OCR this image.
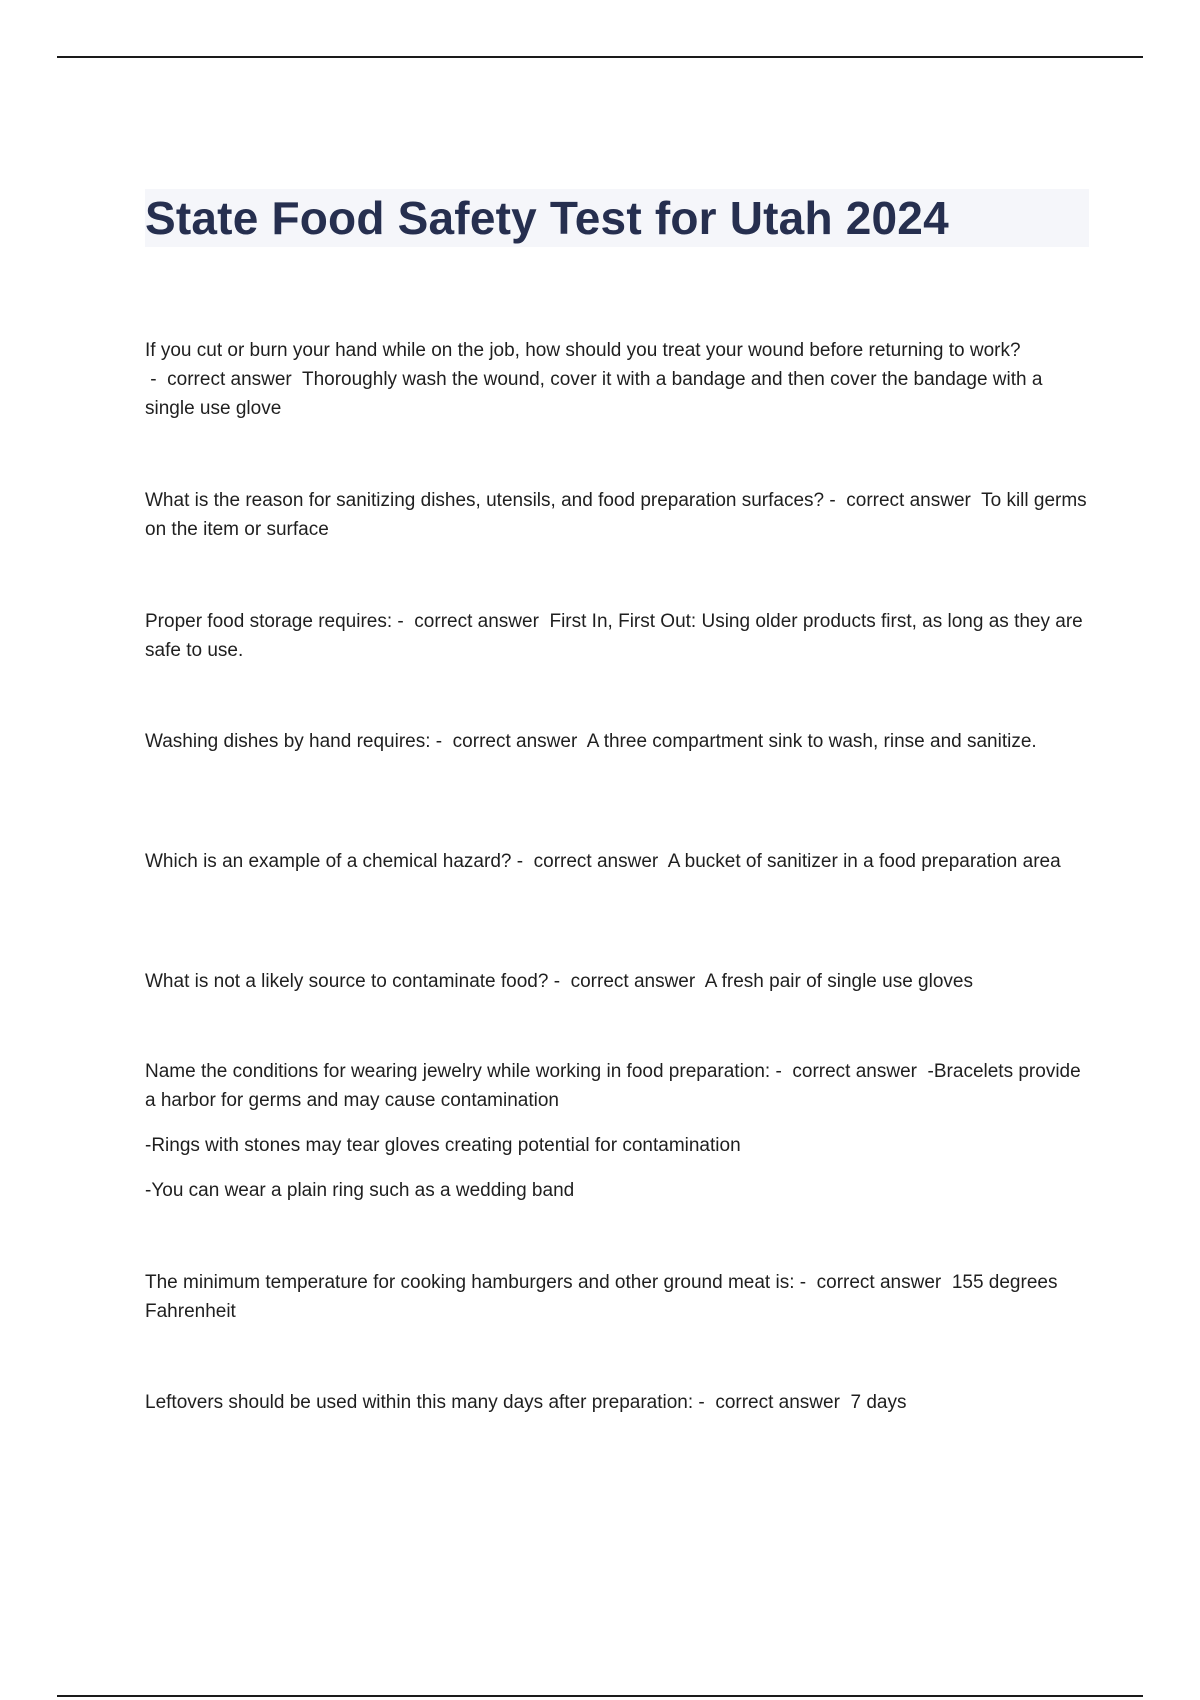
State Food Safety Test for Utah 2024

If you cut or burn your hand while on the job, how should you treat your wound before returning to work? -  correct answer  Thoroughly wash the wound, cover it with a bandage and then cover the bandage with a single use glove

What is the reason for sanitizing dishes, utensils, and food preparation surfaces? -  correct answer  To kill germs on the item or surface

Proper food storage requires: -  correct answer  First In, First Out: Using older products first, as long as they are safe to use.

Washing dishes by hand requires: -  correct answer  A three compartment sink to wash, rinse and sanitize.

Which is an example of a chemical hazard? -  correct answer  A bucket of sanitizer in a food preparation area

What is not a likely source to contaminate food? -  correct answer  A fresh pair of single use gloves

Name the conditions for wearing jewelry while working in food preparation: -  correct answer  -Bracelets provide a harbor for germs and may cause contamination

-Rings with stones may tear gloves creating potential for contamination

-You can wear a plain ring such as a wedding band

The minimum temperature for cooking hamburgers and other ground meat is: -  correct answer  155 degrees Fahrenheit

Leftovers should be used within this many days after preparation: -  correct answer  7 days
